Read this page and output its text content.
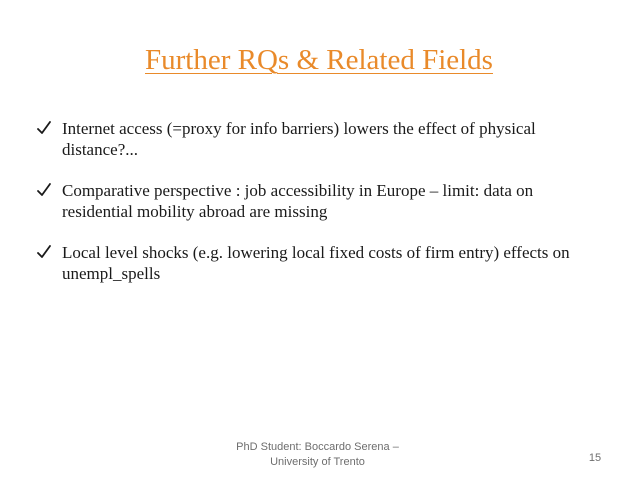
Further RQs & Related Fields
Internet access (=proxy for info barriers) lowers the effect of physical distance?...
Comparative perspective : job accessibility in Europe – limit: data on residential mobility abroad are missing
Local level shocks (e.g. lowering local fixed costs of firm entry) effects on unempl_spells
PhD Student: Boccardo Serena –
University of Trento	15
